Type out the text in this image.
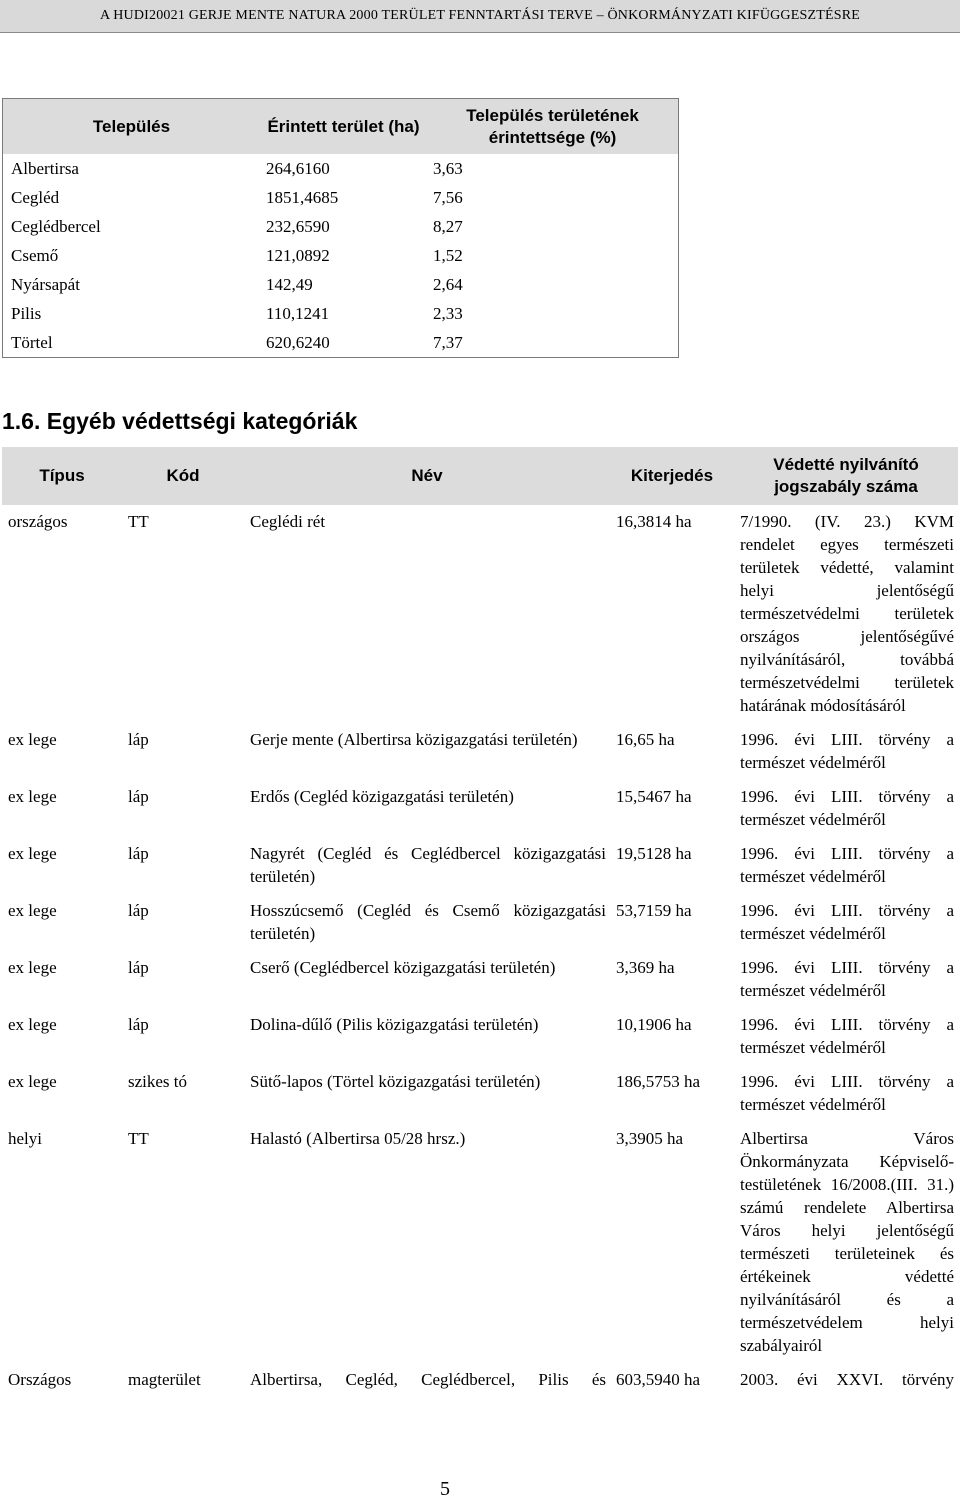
A HUDI20021 GERJE MENTE NATURA 2000 TERÜLET FENNTARTÁSI TERVE – ÖNKORMÁNYZATI KIFÜGGESZTÉSRE
Település	Érintett terület (ha)	Település területének érintettsége (%)
Albertirsa	264,6160	3,63
Cegléd	1851,4685	7,56
Ceglédbercel	232,6590	8,27
Csemő	121,0892	1,52
Nyársapát	142,49	2,64
Pilis	110,1241	2,33
Törtel	620,6240	7,37
1.6. Egyéb védettségi kategóriák
Típus	Kód	Név	Kiterjedés	Védetté nyilvánító jogszabály száma
országos	TT	Ceglédi rét	16,3814 ha	7/1990. (IV. 23.) KVM rendelet egyes természeti területek védetté, valamint helyi jelentőségű természetvédelmi területek országos jelentőségűvé nyilvánításáról, továbbá természetvédelmi területek határának módosításáról
ex lege	láp	Gerje mente (Albertirsa közigazgatási területén)	16,65 ha	1996. évi LIII. törvény a természet védelméről
ex lege	láp	Erdős (Cegléd közigazgatási területén)	15,5467 ha	1996. évi LIII. törvény a természet védelméről
ex lege	láp	Nagyrét (Cegléd és Ceglédbercel közigazgatási területén)	19,5128 ha	1996. évi LIII. törvény a természet védelméről
ex lege	láp	Hosszúcsemő (Cegléd és Csemő közigazgatási területén)	53,7159 ha	1996. évi LIII. törvény a természet védelméről
ex lege	láp	Cserő (Ceglédbercel közigazgatási területén)	3,369 ha	1996. évi LIII. törvény a természet védelméről
ex lege	láp	Dolina-dűlő (Pilis közigazgatási területén)	10,1906 ha	1996. évi LIII. törvény a természet védelméről
ex lege	szikes tó	Sütő-lapos (Törtel közigazgatási területén)	186,5753 ha	1996. évi LIII. törvény a természet védelméről
helyi	TT	Halastó (Albertirsa 05/28 hrsz.)	3,3905 ha	Albertirsa Város Önkormányzata Képviselő-testületének 16/2008.(III. 31.) számú rendelete Albertirsa Város helyi jelentőségű természeti területeinek és értékeinek védetté nyilvánításáról és a természetvédelem helyi szabályairól
Országos	magterület	Albertirsa, Cegléd, Ceglédbercel, Pilis és	603,5940 ha	2003. évi XXVI. törvény
5
